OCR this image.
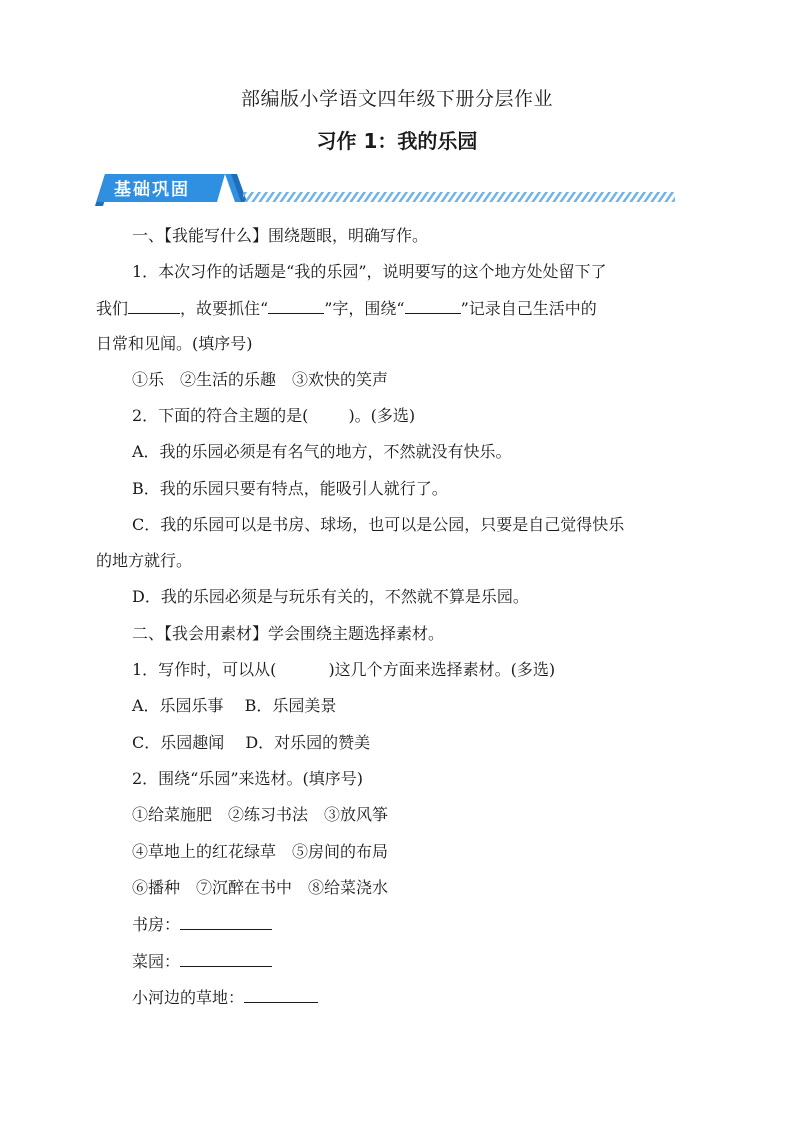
部编版小学语文四年级下册分层作业
习作 1：我的乐园
基础巩固
一、【我能写什么】围绕题眼，明确写作。
1．本次习作的话题是“我的乐园”，说明要写的这个地方处处留下了
我们	，故要抓住“	”字，围绕“	”记录自己生活中的
日常和见闻。(填序号)
①乐　②生活的乐趣　③欢快的笑声
2．下面的符合主题的是(	)。(多选)
A．我的乐园必须是有名气的地方，不然就没有快乐。
B．我的乐园只要有特点，能吸引人就行了。
C．我的乐园可以是书房、球场，也可以是公园，只要是自己觉得快乐
的地方就行。
D．我的乐园必须是与玩乐有关的，不然就不算是乐园。
二、【我会用素材】学会围绕主题选择素材。
1．写作时，可以从(	)这几个方面来选择素材。(多选)
A．乐园乐事　 B．乐园美景
C．乐园趣闻　 D．对乐园的赞美
2．围绕“乐园”来选材。(填序号)
①给菜施肥　②练习书法　③放风筝
④草地上的红花绿草　⑤房间的布局
⑥播种　⑦沉醉在书中　⑧给菜浇水
书房：
菜园：
小河边的草地：
